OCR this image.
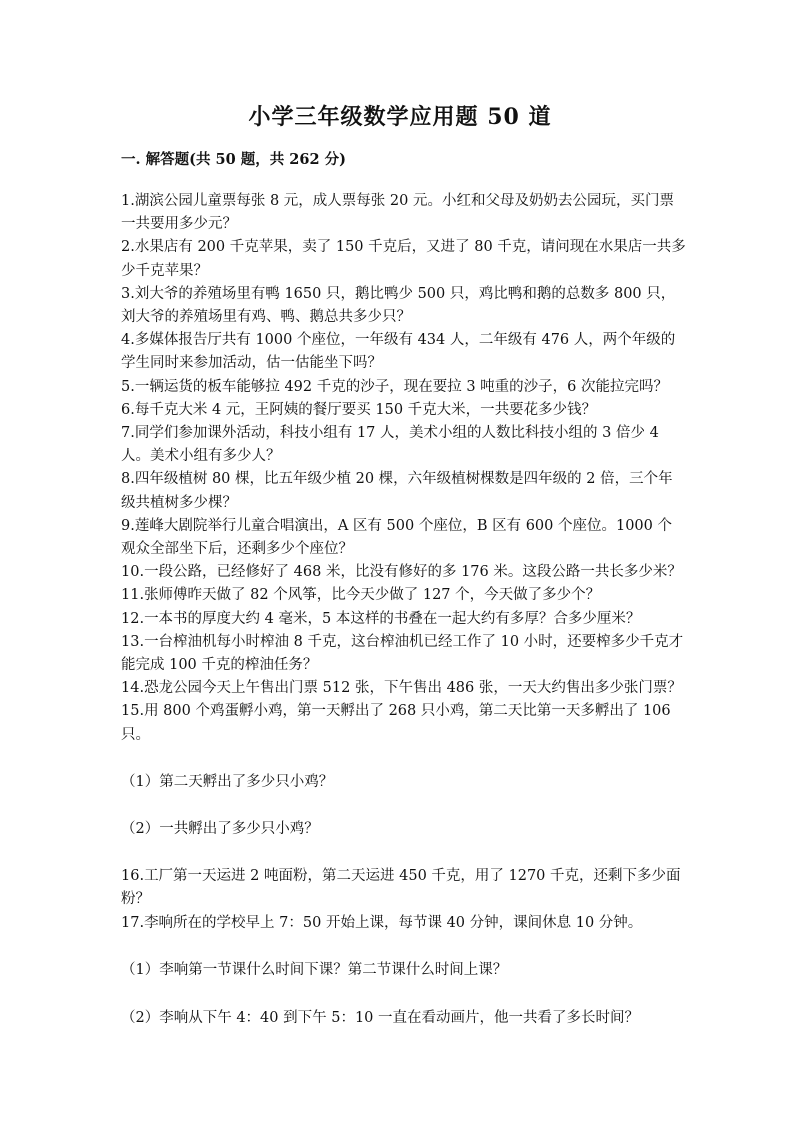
小学三年级数学应用题 50 道
一. 解答题(共 50 题，共 262 分)

1.湖滨公园儿童票每张 8 元，成人票每张 20 元。小红和父母及奶奶去公园玩，买门票一共要用多少元？

2.水果店有 200 千克苹果，卖了 150 千克后，又进了 80 千克，请问现在水果店一共多少千克苹果？

3.刘大爷的养殖场里有鸭 1650 只，鹅比鸭少 500 只，鸡比鸭和鹅的总数多 800 只，刘大爷的养殖场里有鸡、鸭、鹅总共多少只？

4.多媒体报告厅共有 1000 个座位，一年级有 434 人，二年级有 476 人，两个年级的学生同时来参加活动，估一估能坐下吗？

5.一辆运货的板车能够拉 492 千克的沙子，现在要拉 3 吨重的沙子，6 次能拉完吗？

6.每千克大米 4 元，王阿姨的餐厅要买 150 千克大米，一共要花多少钱？

7.同学们参加课外活动，科技小组有 17 人，美术小组的人数比科技小组的 3 倍少 4 人。美术小组有多少人？

8.四年级植树 80 棵，比五年级少植 20 棵，六年级植树棵数是四年级的 2 倍，三个年级共植树多少棵？

9.莲峰大剧院举行儿童合唱演出，A 区有 500 个座位，B 区有 600 个座位。1000 个观众全部坐下后，还剩多少个座位？

10.一段公路，已经修好了 468 米，比没有修好的多 176 米。这段公路一共长多少米？

11.张师傅昨天做了 82 个风筝，比今天少做了 127 个，今天做了多少个？

12.一本书的厚度大约 4 毫米，5 本这样的书叠在一起大约有多厚？合多少厘米？

13.一台榨油机每小时榨油 8 千克，这台榨油机已经工作了 10 小时，还要榨多少千克才能完成 100 千克的榨油任务？

14.恐龙公园今天上午售出门票 512 张，下午售出 486 张，一天大约售出多少张门票？

15.用 800 个鸡蛋孵小鸡，第一天孵出了 268 只小鸡，第二天比第一天多孵出了 106 只。

（1）第二天孵出了多少只小鸡？

（2）一共孵出了多少只小鸡？

16.工厂第一天运进 2 吨面粉，第二天运进 450 千克，用了 1270 千克，还剩下多少面粉？

17.李响所在的学校早上 7：50 开始上课，每节课 40 分钟，课间休息 10 分钟。

（1）李响第一节课什么时间下课？第二节课什么时间上课？

（2）李响从下午 4：40 到下午 5：10 一直在看动画片，他一共看了多长时间？
